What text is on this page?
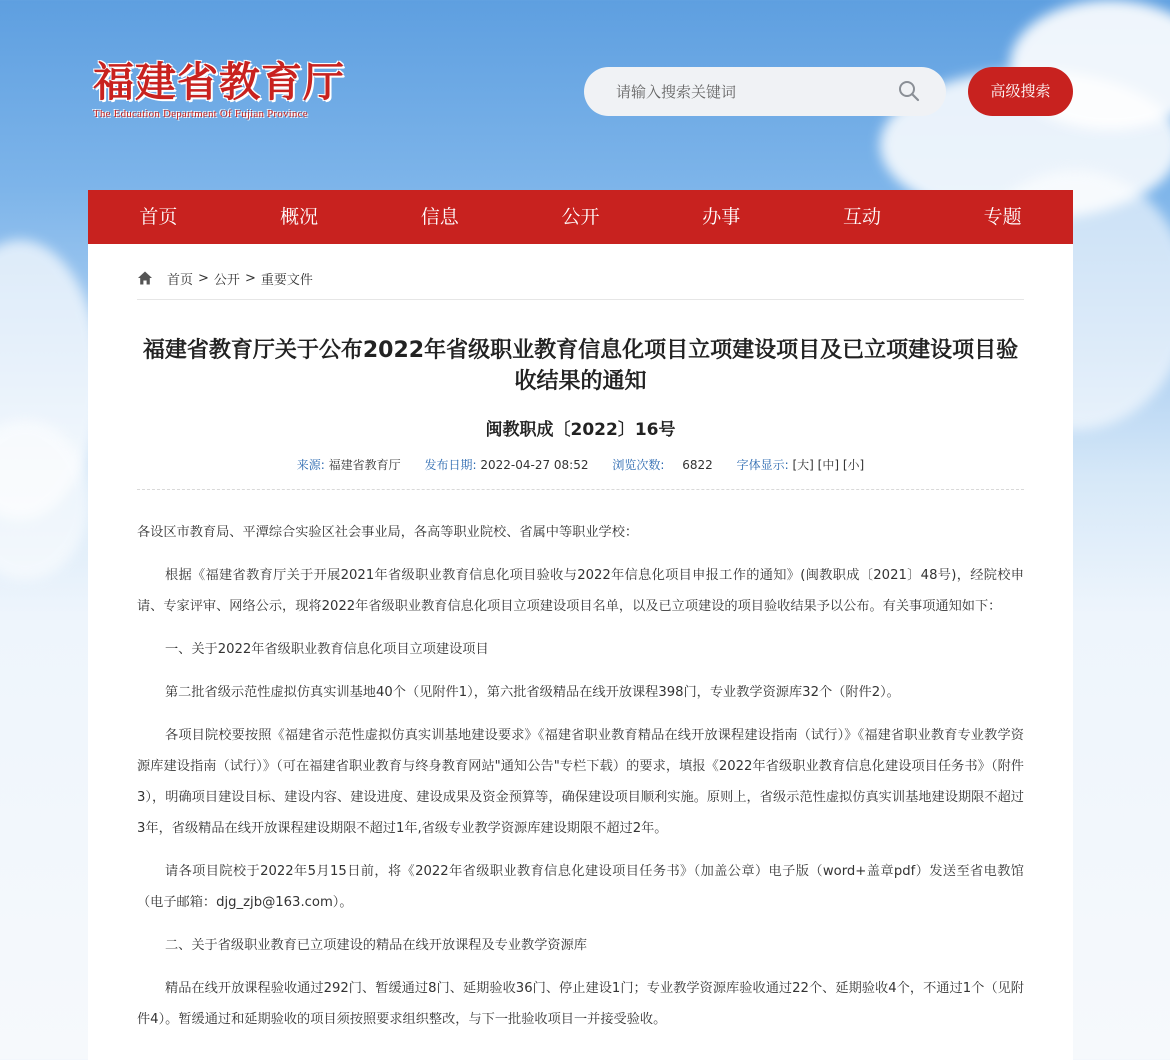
福建省教育厅
The Education Department Of Fujian Province
请输入搜索关键词
高级搜索
首页	概况	信息	公开	办事	互动	专题
首页 > 公开 > 重要文件
福建省教育厅关于公布2022年省级职业教育信息化项目立项建设项目及已立项建设项目验收结果的通知
闽教职成〔2022〕16号
来源: 福建省教育厅 发布日期: 2022-04-27 08:52 浏览次数: 6822 字体显示: [大] [中] [小]

各设区市教育局、平潭综合实验区社会事业局，各高等职业院校、省属中等职业学校：

根据《福建省教育厅关于开展2021年省级职业教育信息化项目验收与2022年信息化项目申报工作的通知》(闽教职成〔2021〕48号)，经院校申请、专家评审、网络公示，现将2022年省级职业教育信息化项目立项建设项目名单，以及已立项建设的项目验收结果予以公布。有关事项通知如下：

一、关于2022年省级职业教育信息化项目立项建设项目

第二批省级示范性虚拟仿真实训基地40个（见附件1），第六批省级精品在线开放课程398门，专业教学资源库32个（附件2）。

各项目院校要按照《福建省示范性虚拟仿真实训基地建设要求》《福建省职业教育精品在线开放课程建设指南（试行）》《福建省职业教育专业教学资源库建设指南（试行）》（可在福建省职业教育与终身教育网站"通知公告"专栏下载）的要求，填报《2022年省级职业教育信息化建设项目任务书》（附件3），明确项目建设目标、建设内容、建设进度、建设成果及资金预算等，确保建设项目顺利实施。原则上，省级示范性虚拟仿真实训基地建设期限不超过3年，省级精品在线开放课程建设期限不超过1年,省级专业教学资源库建设期限不超过2年。

请各项目院校于2022年5月15日前，将《2022年省级职业教育信息化建设项目任务书》（加盖公章）电子版（word+盖章pdf）发送至省电教馆（电子邮箱：djg_zjb@163.com）。

二、关于省级职业教育已立项建设的精品在线开放课程及专业教学资源库

精品在线开放课程验收通过292门、暂缓通过8门、延期验收36门、停止建设1门；专业教学资源库验收通过22个、延期验收4个，不通过1个（见附件4）。暂缓通过和延期验收的项目须按照要求组织整改，与下一批验收项目一并接受验收。
